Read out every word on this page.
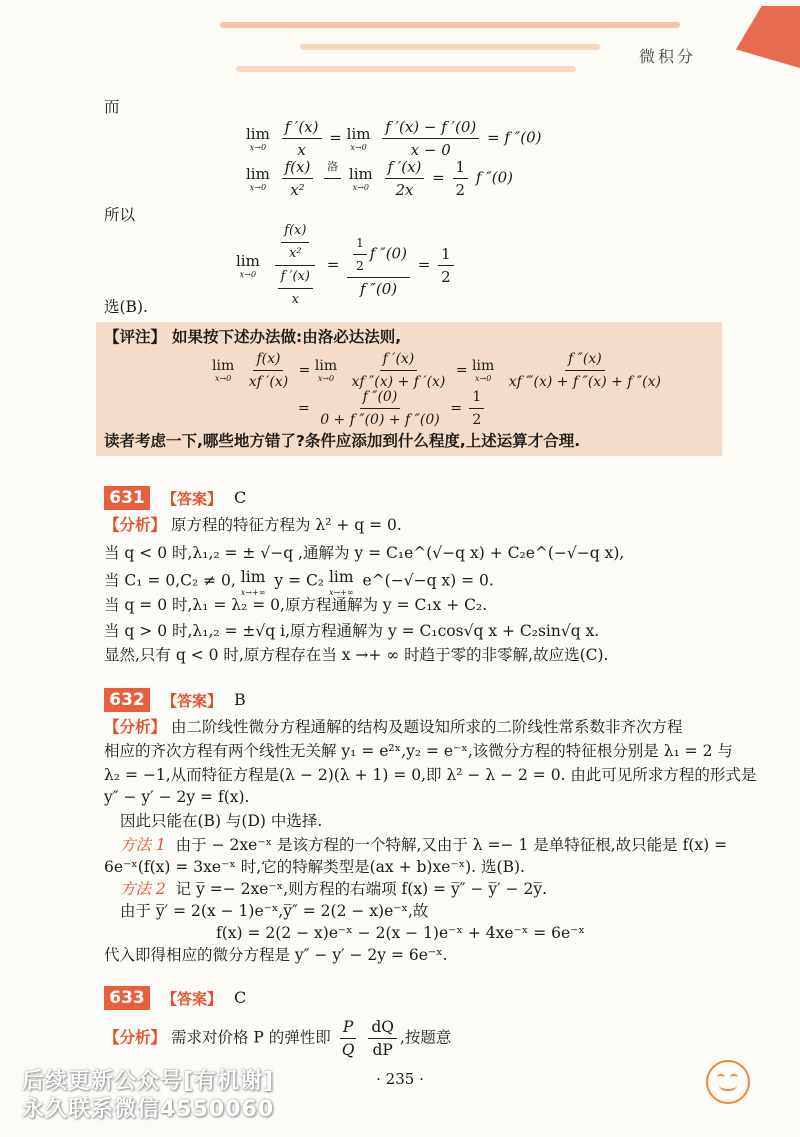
微积分
而
lim
x→0
$\frac{f '(x)}{x} = \lim$
x→0
$\frac{f '(x) - f '(0)}{x - 0} = f$ ″(0)
lim
x→0
$\frac{f(x)}{\text{x²}}$
洛

lim
x→0
$\frac{f '(x)}{2x} = \frac{1}{2}$ f ″(0)
所以
lim
x→0
$\frac{\frac{f(x)}{\text{x²}}}{\frac{f '(x)}{x}} = \frac{\frac{1}{2} f ''(0)}{f ''(0)} = \frac{1}{2}$
选(B).
【评注】 如果按下述办法做:由洛必达法则,
lim
x→0
$\frac{f(x)}{xf '(x)} = \lim$
x→0
$\frac{f '(x)}{xf ''(x) + f '(x)} = \lim$
x→0
$\frac{f ''(x)}{xf ‴(x) + f ''(x) + f ''(x)}$
= $\frac{f ''(0)}{0 + f ''(0) + f ''(0)} = \frac{1}{2}$
读者考虑一下,哪些地方错了?条件应添加到什么程度,上述运算才合理.
631	【答案】 C
【分析】 原方程的特征方程为 λ² + q = 0.
当 q < 0 时,λ₁,₂ = ± √−q ,通解为 y = C₁e^(√−q x) + C₂e^(−√−q x),
当 C₁ = 0,C₂ ≠ 0, lim
x→+∞
y = C₂ lim
x→+∞
e^(−√−q x) = 0.
当 q = 0 时,λ₁ = λ₂ = 0,原方程通解为 y = C₁x + C₂.
当 q > 0 时,λ₁,₂ = ±√q i,原方程通解为 y = C₁cos√q x + C₂sin√q x.
显然,只有 q < 0 时,原方程存在当 x →+ ∞ 时趋于零的非零解,故应选(C).
632	【答案】 B
【分析】 由二阶线性微分方程通解的结构及题设知所求的二阶线性常系数非齐次方程
相应的齐次方程有两个线性无关解 y₁ = e²ˣ,y₂ = e⁻ˣ,该微分方程的特征根分别是 λ₁ = 2 与
λ₂ = −1,从而特征方程是(λ − 2)(λ + 1) = 0,即 λ² − λ − 2 = 0. 由此可见所求方程的形式是
y″ − y′ − 2y = f(x).
因此只能在(B) 与(D) 中选择.
方法 1 由于 − 2xe⁻ˣ 是该方程的一个特解,又由于 λ =− 1 是单特征根,故只能是 f(x) =
6e⁻ˣ(f(x) = 3xe⁻ˣ 时,它的特解类型是(ax + b)xe⁻ˣ). 选(B).
方法 2 记 y̅ =− 2xe⁻ˣ,则方程的右端项 f(x) = y̅″ − y̅′ − 2y̅.
由于 y̅′ = 2(x − 1)e⁻ˣ,y̅″ = 2(2 − x)e⁻ˣ,故
f(x) = 2(2 − x)e⁻ˣ − 2(x − 1)e⁻ˣ + 4xe⁻ˣ = 6e⁻ˣ
代入即得相应的微分方程是 y″ − y′ − 2y = 6e⁻ˣ.
633	【答案】 C
【分析】 需求对价格 P 的弹性即 $\frac{P}{Q}$
$\frac{dQ}{dP}$ ,按题意
· 235 ·
后续更新公众号[有机谢]
永久联系微信4550060
